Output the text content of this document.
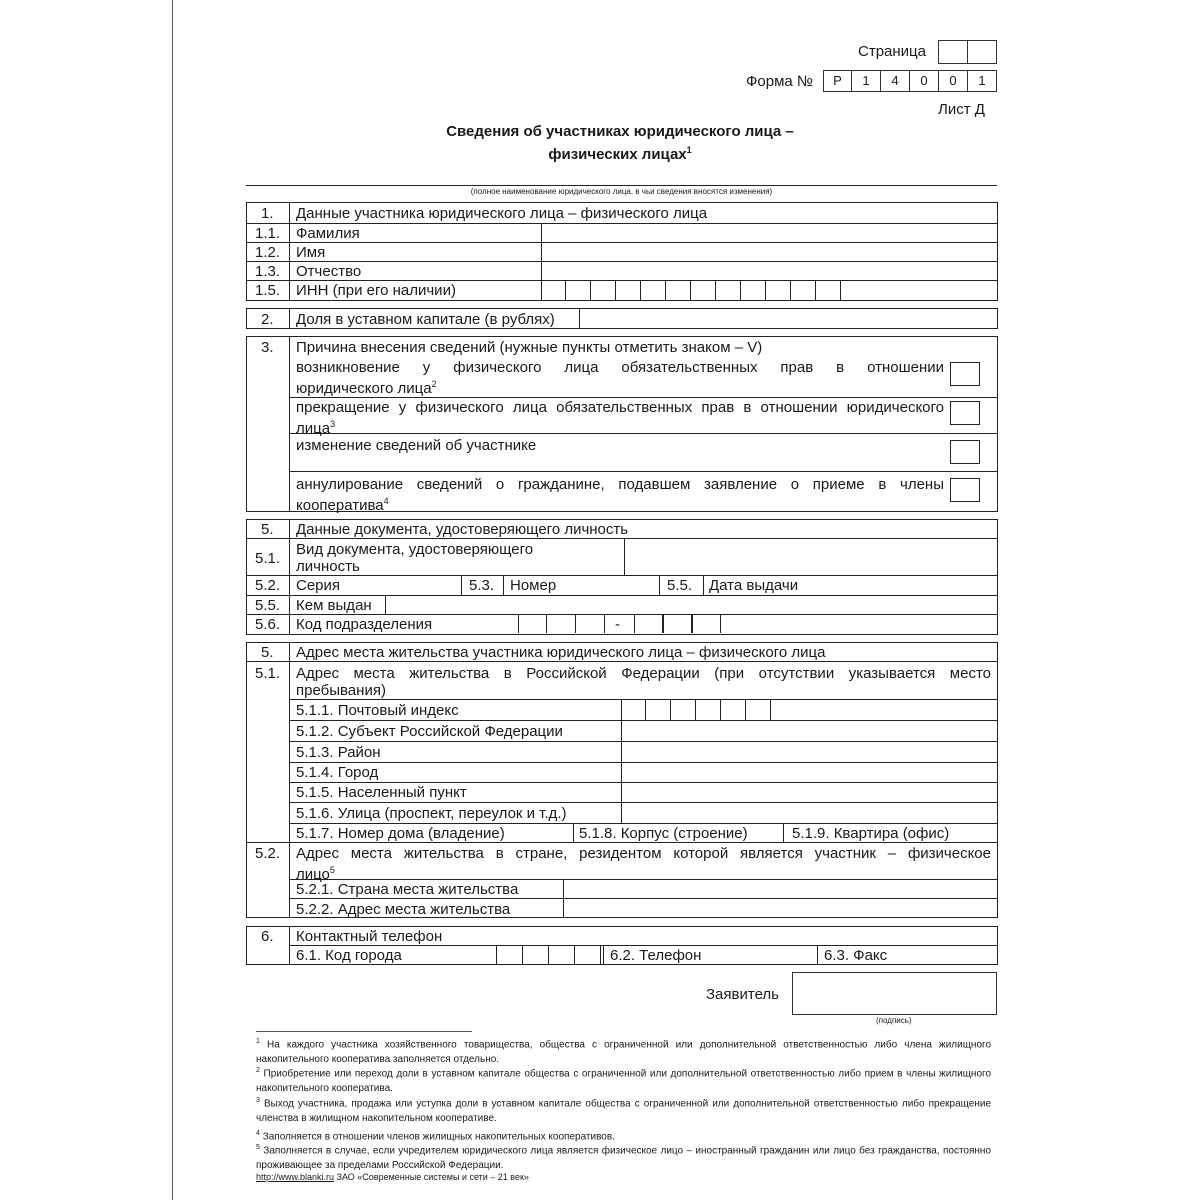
Страница
Форма №	Р	1	4	0	0	1
Лист Д
Сведения об участниках юридического лица –
физических лицах$^1$
(полное наименование юридического лица, в чьи сведения вносятся изменения)
1. Данные участника юридического лица – физического лица
1.1. Фамилия
1.2. Имя
1.3. Отчество
1.5. ИНН (при его наличии)
2. Доля в уставном капитале (в рублях)
3. Причина внесения сведений (нужные пункты отметить знаком – V)
возникновение у физического лица обязательственных прав в отношении
юридического лица$^2$
прекращение у физического лица обязательственных прав в отношении юридического
лица$^3$
изменение сведений об участнике
аннулирование сведений о гражданине, подавшем заявление о приеме в члены
кооператива$^4$
5. Данные документа, удостоверяющего личность
5.1.
Вид документа, удостоверяющего
личность
5.2. Серия	5.3. Номер	5.5. Дата выдачи
5.5. Кем выдан
5.6. Код подразделения	-
5. Адрес места жительства участника юридического лица – физического лица
5.1. Адрес места жительства в Российской Федерации (при отсутствии указывается место
пребывания)
5.1.1. Почтовый индекс
5.1.2. Субъект Российской Федерации
5.1.3. Район
5.1.4. Город
5.1.5. Населенный пункт
5.1.6. Улица (проспект, переулок и т.д.)
5.1.7. Номер дома (владение)	5.1.8. Корпус (строение)	5.1.9. Квартира (офис)
5.2. Адрес места жительства в стране, резидентом которой является участник – физическое
лицо$^5$
5.2.1. Страна места жительства
5.2.2. Адрес места жительства
6. Контактный телефон
6.1. Код города	6.2. Телефон	6.3. Факс
Заявитель
(подпись)
$^1$ На каждого участника хозяйственного товарищества, общества с ограниченной или дополнительной ответственностью либо члена жилищного накопительного кооператива заполняется отдельно.
$^2$ Приобретение или переход доли в уставном капитале общества с ограниченной или дополнительной ответственностью либо прием в члены жилищного накопительного кооператива.
$^3$ Выход участника, продажа или уступка доли в уставном капитале общества с ограниченной или дополнительной ответственностью либо прекращение членства в жилищном накопительном кооперативе.
$^4$ Заполняется в отношении членов жилищных накопительных кооперативов.
$^5$ Заполняется в случае, если учредителем юридического лица является физическое лицо – иностранный гражданин или лицо без гражданства, постоянно проживающее за пределами Российской Федерации.
http://www.blanki.ru ЗАО «Современные системы и сети – 21 век»
